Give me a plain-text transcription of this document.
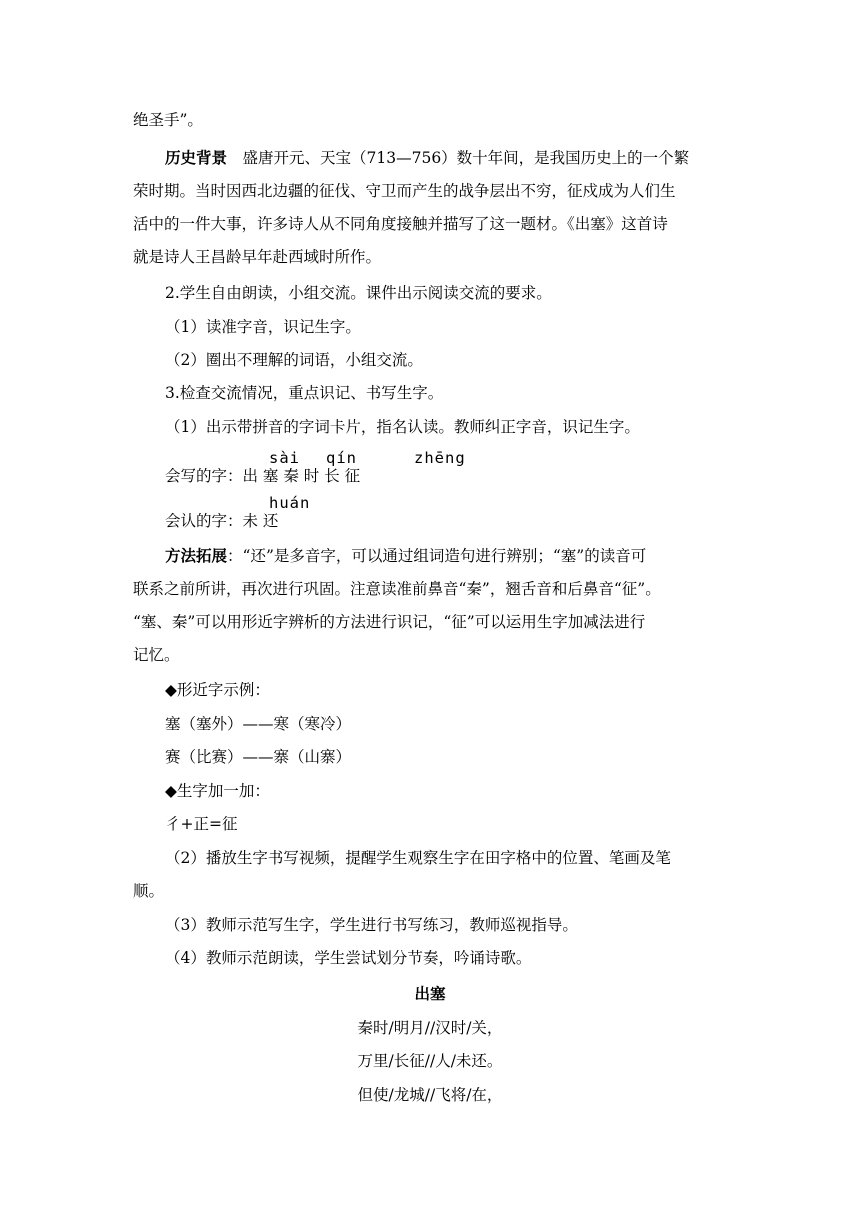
绝圣手”。
历史背景　盛唐开元、天宝（713—756）数十年间，是我国历史上的一个繁
荣时期。当时因西北边疆的征伐、守卫而产生的战争层出不穷，征戍成为人们生
活中的一件大事，许多诗人从不同角度接触并描写了这一题材。《出塞》这首诗
就是诗人王昌龄早年赴西域时所作。
2.学生自由朗读，小组交流。课件出示阅读交流的要求。
（1）读准字音，识记生字。
（2）圈出不理解的词语，小组交流。
3.检查交流情况，重点识记、书写生字。
（1）出示带拼音的字词卡片，指名认读。教师纠正字音，识记生字。
sài qín	zhēng
会写的字：出 塞 秦 时 长 征
huán
会认的字：未 还
方法拓展：“还”是多音字，可以通过组词造句进行辨别；“塞”的读音可
联系之前所讲，再次进行巩固。注意读准前鼻音“秦”，翘舌音和后鼻音“征”。
“塞、秦”可以用形近字辨析的方法进行识记，“征”可以运用生字加减法进行
记忆。
◆形近字示例：
塞（塞外）——寒（寒冷）
赛（比赛）——寨（山寨）
◆生字加一加：
彳+正=征
（2）播放生字书写视频，提醒学生观察生字在田字格中的位置、笔画及笔
顺。
（3）教师示范写生字，学生进行书写练习，教师巡视指导。
（4）教师示范朗读，学生尝试划分节奏，吟诵诗歌。
出塞
秦时/明月//汉时/关，
万里/长征//人/未还。
但使/龙城//飞将/在，
